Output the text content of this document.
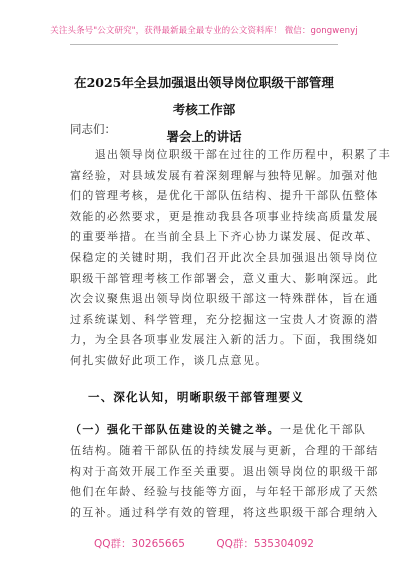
关注头条号"公文研究"，获得最新最全最专业的公文资料库！ 微信：gongwenyj
在2025年全县加强退出领导岗位职级干部管理考核工作部
署会上的讲话
同志们：
　　退出领导岗位职级干部在过往的工作历程中，积累了丰
富经验，对县域发展有着深刻理解与独特见解。加强对他
们的管理考核，是优化干部队伍结构、提升干部队伍整体
效能的必然要求，更是推动我县各项事业持续高质量发展
的重要举措。在当前全县上下齐心协力谋发展、促改革、
保稳定的关键时期，我们召开此次全县加强退出领导岗位
职级干部管理考核工作部署会，意义重大、影响深远。此
次会议聚焦退出领导岗位职级干部这一特殊群体，旨在通
过系统谋划、科学管理，充分挖掘这一宝贵人才资源的潜
力，为全县各项事业发展注入新的活力。下面，我围绕如
何扎实做好此项工作，谈几点意见。
一、深化认知，明晰职级干部管理要义
（一）强化干部队伍建设的关键之举。一是优化干部队
伍结构。随着干部队伍的持续发展与更新，合理的干部结
构对于高效开展工作至关重要。退出领导岗位的职级干部
他们在年龄、经验与技能等方面，与年轻干部形成了天然
的互补。通过科学有效的管理，将这些职级干部合理纳入
QQ群：30265665	QQ群：535304092
